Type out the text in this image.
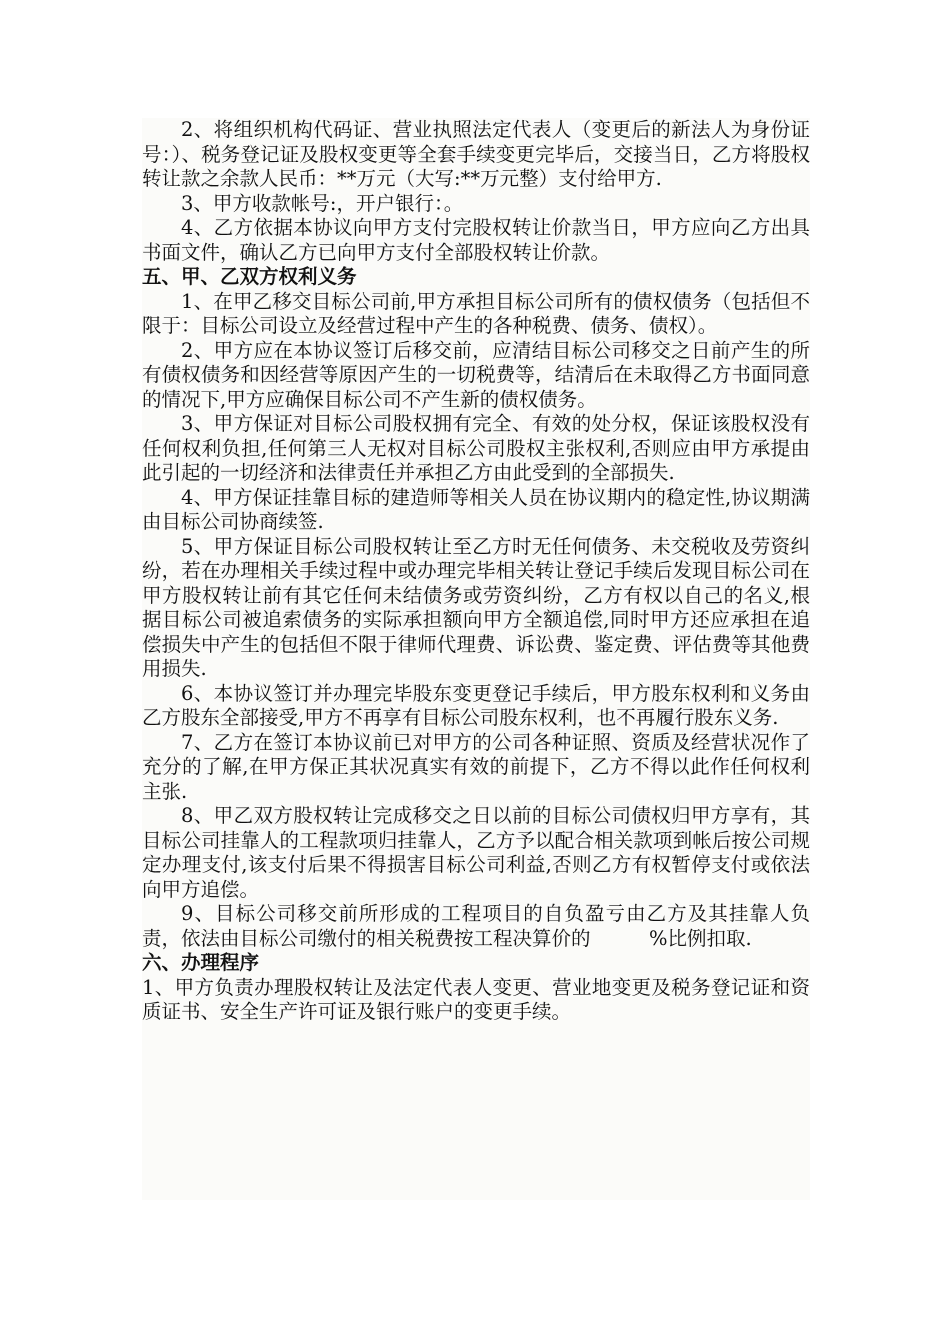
2、将组织机构代码证、营业执照法定代表人（变更后的新法人为身份证号：）、税务登记证及股权变更等全套手续变更完毕后，交接当日，乙方将股权转让款之余款人民币：**万元（大写:**万元整）支付给甲方.

3、甲方收款帐号:，开户银行：。

4、乙方依据本协议向甲方支付完股权转让价款当日，甲方应向乙方出具书面文件，确认乙方已向甲方支付全部股权转让价款。

五、甲、乙双方权利义务

1、在甲乙移交目标公司前,甲方承担目标公司所有的债权债务（包括但不限于：目标公司设立及经营过程中产生的各种税费、债务、债权）。

2、甲方应在本协议签订后移交前，应清结目标公司移交之日前产生的所有债权债务和因经营等原因产生的一切税费等，结清后在未取得乙方书面同意的情况下,甲方应确保目标公司不产生新的债权债务。

3、甲方保证对目标公司股权拥有完全、有效的处分权，保证该股权没有任何权利负担,任何第三人无权对目标公司股权主张权利,否则应由甲方承提由此引起的一切经济和法律责任并承担乙方由此受到的全部损失.

4、甲方保证挂靠目标的建造师等相关人员在协议期内的稳定性,协议期满由目标公司协商续签.

5、甲方保证目标公司股权转让至乙方时无任何债务、未交税收及劳资纠纷，若在办理相关手续过程中或办理完毕相关转让登记手续后发现目标公司在甲方股权转让前有其它任何未结债务或劳资纠纷，乙方有权以自己的名义,根据目标公司被追索债务的实际承担额向甲方全额追偿,同时甲方还应承担在追偿损失中产生的包括但不限于律师代理费、诉讼费、鉴定费、评估费等其他费用损失.

6、本协议签订并办理完毕股东变更登记手续后，甲方股东权利和义务由乙方股东全部接受,甲方不再享有目标公司股东权利，也不再履行股东义务.

7、乙方在签订本协议前已对甲方的公司各种证照、资质及经营状况作了充分的了解,在甲方保正其状况真实有效的前提下，乙方不得以此作任何权利主张.

8、甲乙双方股权转让完成移交之日以前的目标公司债权归甲方享有，其目标公司挂靠人的工程款项归挂靠人，乙方予以配合相关款项到帐后按公司规定办理支付,该支付后果不得损害目标公司利益,否则乙方有权暂停支付或依法向甲方追偿。

9、目标公司移交前所形成的工程项目的自负盈亏由乙方及其挂靠人负责，依法由目标公司缴付的相关税费按工程决算价的　　　%比例扣取.

六、办理程序

1、甲方负责办理股权转让及法定代表人变更、营业地变更及税务登记证和资质证书、安全生产许可证及银行账户的变更手续。
